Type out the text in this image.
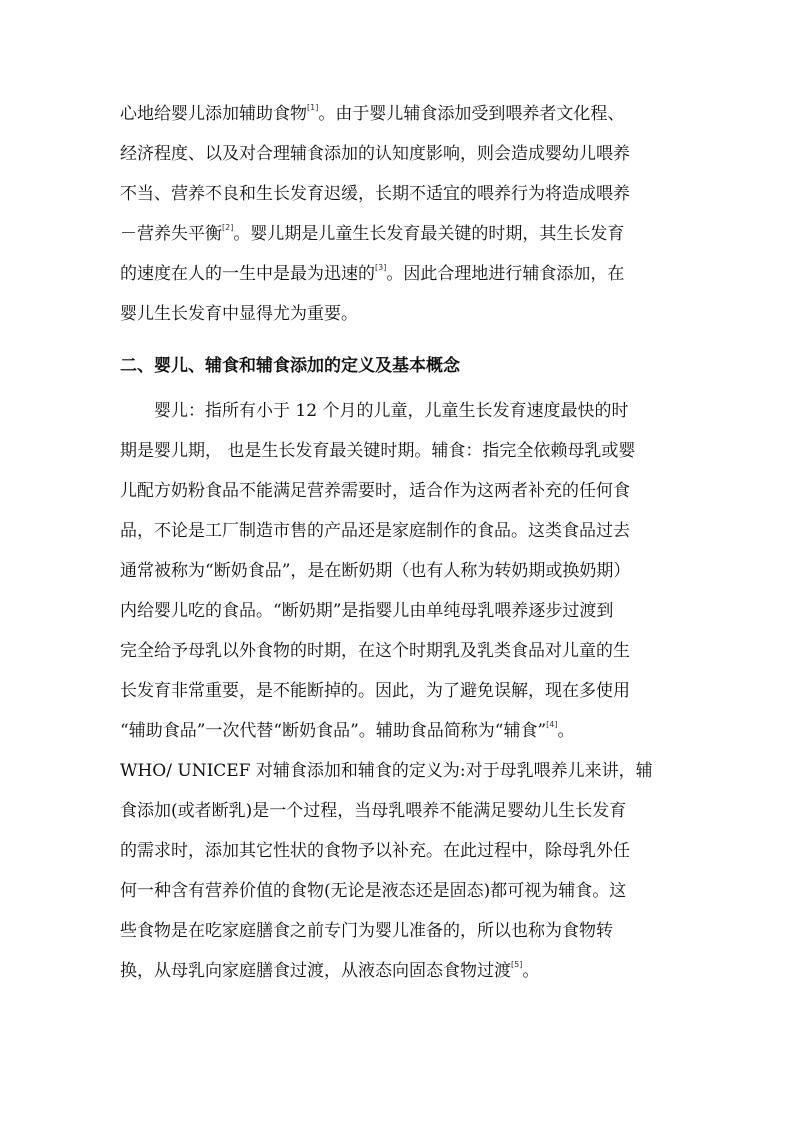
心地给婴儿添加辅助食物[1]。由于婴儿辅食添加受到喂养者文化程、
经济程度、以及对合理辅食添加的认知度影响，则会造成婴幼儿喂养
不当、营养不良和生长发育迟缓，长期不适宜的喂养行为将造成喂养
－营养失平衡[2]。婴儿期是儿童生长发育最关键的时期，其生长发育
的速度在人的一生中是最为迅速的[3]。因此合理地进行辅食添加，在
婴儿生长发育中显得尤为重要。
二、婴儿、辅食和辅食添加的定义及基本概念
婴儿：指所有小于 12 个月的儿童，儿童生长发育速度最快的时
期是婴儿期， 也是生长发育最关键时期。辅食：指完全依赖母乳或婴
儿配方奶粉食品不能满足营养需要时，适合作为这两者补充的任何食
品，不论是工厂制造市售的产品还是家庭制作的食品。这类食品过去
通常被称为“断奶食品”，是在断奶期（也有人称为转奶期或换奶期）
内给婴儿吃的食品。“断奶期”是指婴儿由单纯母乳喂养逐步过渡到
完全给予母乳以外食物的时期，在这个时期乳及乳类食品对儿童的生
长发育非常重要，是不能断掉的。因此，为了避免误解，现在多使用
“辅助食品”一次代替“断奶食品”。辅助食品简称为“辅食”[4]。
WHO/ UNICEF 对辅食添加和辅食的定义为:对于母乳喂养儿来讲，辅
食添加(或者断乳)是一个过程，当母乳喂养不能满足婴幼儿生长发育
的需求时，添加其它性状的食物予以补充。在此过程中，除母乳外任
何一种含有营养价值的食物(无论是液态还是固态)都可视为辅食。这
些食物是在吃家庭膳食之前专门为婴儿准备的，所以也称为食物转
换，从母乳向家庭膳食过渡，从液态向固态食物过渡[5]。
